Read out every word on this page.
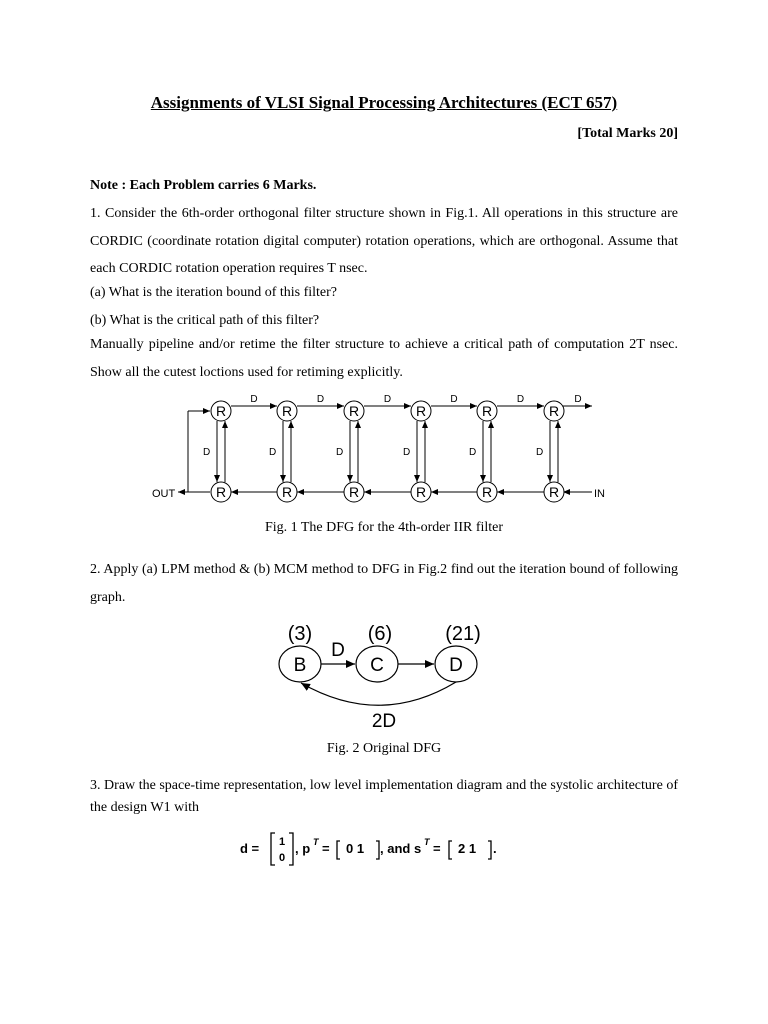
Assignments of VLSI Signal Processing Architectures (ECT 657)
[Total Marks 20]
Note : Each Problem carries 6 Marks.
1. Consider the 6th-order orthogonal filter structure shown in Fig.1. All operations in this structure are CORDIC (coordinate rotation digital computer) rotation operations, which are orthogonal. Assume that each CORDIC rotation operation requires T nsec.
(a) What is the iteration bound of this filter?
(b) What is the critical path of this filter?
Manually pipeline and/or retime the filter structure to achieve a critical path of computation 2T nsec. Show all the cutest loctions used for retiming explicitly.
R
R
D
D
R
R
D
D
R
R
D
D
R
R
D
D
R
R
D
D
R
R
D
D
OUT	IN
Fig. 1 The DFG for the 4th-order IIR filter
2. Apply (a) LPM method & (b) MCM method to DFG in Fig.2 find out the iteration bound of following graph.
B	C	D
(3)	(6)	(21)
D
2D
Fig. 2 Original DFG
3. Draw the space-time representation, low level implementation diagram and the systolic architecture of the design W1 with
d = 1
0
, p T = 0 1 , and s T = 2 1 .
